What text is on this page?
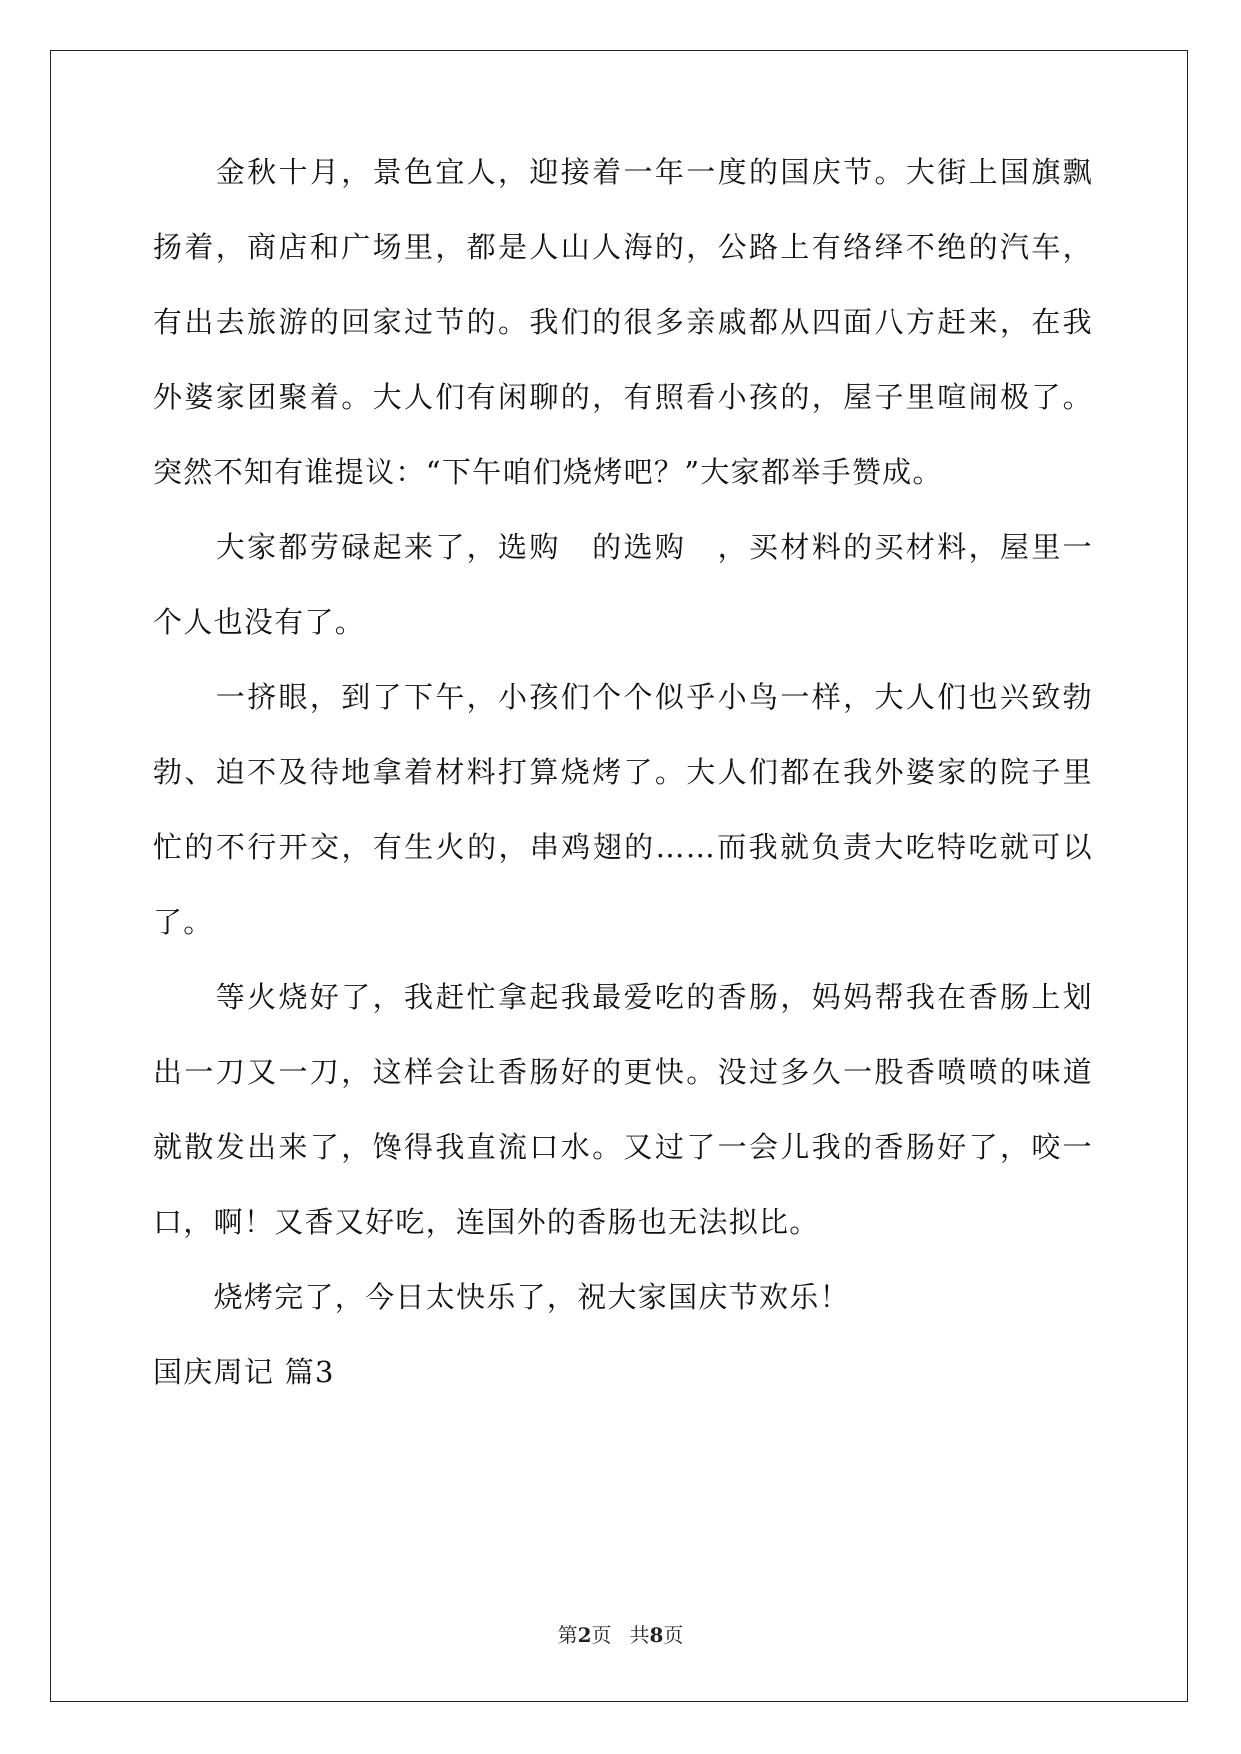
　　金秋十月，景色宜人，迎接着一年一度的国庆节。大街上国旗飘
扬着，商店和广场里，都是人山人海的，公路上有络绎不绝的汽车，
有出去旅游的回家过节的。我们的很多亲戚都从四面八方赶来，在我
外婆家团聚着。大人们有闲聊的，有照看小孩的，屋子里喧闹极了。
突然不知有谁提议：“下午咱们烧烤吧？”大家都举手赞成。
　　大家都劳碌起来了，选购　的选购　，买材料的买材料，屋里一
个人也没有了。
　　一挤眼，到了下午，小孩们个个似乎小鸟一样，大人们也兴致勃
勃、迫不及待地拿着材料打算烧烤了。大人们都在我外婆家的院子里
忙的不行开交，有生火的，串鸡翅的……而我就负责大吃特吃就可以
了。
　　等火烧好了，我赶忙拿起我最爱吃的香肠，妈妈帮我在香肠上划
出一刀又一刀，这样会让香肠好的更快。没过多久一股香喷喷的味道
就散发出来了，馋得我直流口水。又过了一会儿我的香肠好了，咬一
口，啊！又香又好吃，连国外的香肠也无法拟比。
　　烧烤完了，今日太快乐了，祝大家国庆节欢乐！
国庆周记 篇3
第2页 共8页
